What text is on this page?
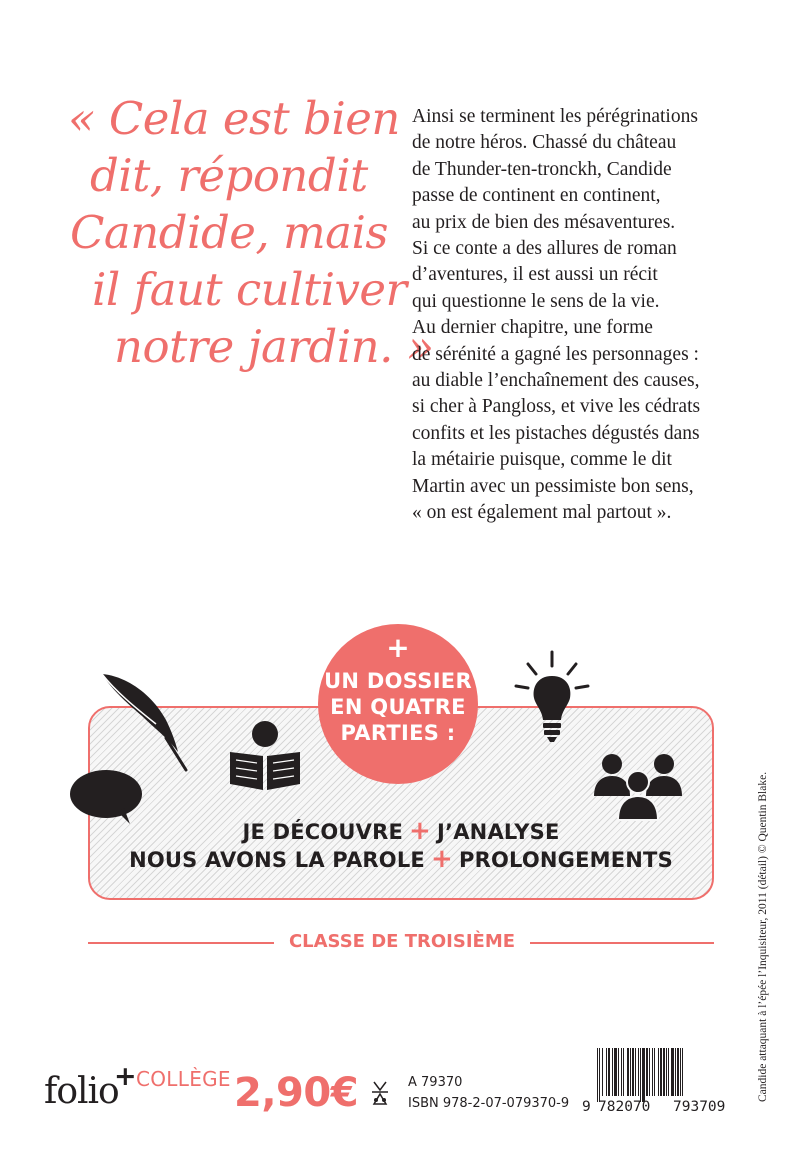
« Cela est bien
dit, répondit
Candide, mais
il faut cultiver
notre jardin. »
Ainsi se terminent les pérégrinations
de notre héros. Chassé du château
de Thunder-ten-tronckh, Candide
passe de continent en continent,
au prix de bien des mésaventures.
Si ce conte a des allures de roman
d’aventures, il est aussi un récit
qui questionne le sens de la vie.
Au dernier chapitre, une forme
de sérénité a gagné les personnages :
au diable l’enchaînement des causes,
si cher à Pangloss, et vive les cédrats
confits et les pistaches dégustés dans
la métairie puisque, comme le dit
Martin avec un pessimiste bon sens,
« on est également mal partout ».
+
UN DOSSIER
EN QUATRE
PARTIES :
JE DÉCOUVRE + J’ANALYSE
NOUS AVONS LA PAROLE + PROLONGEMENTS
CLASSE DE TROISIÈME	Candide attaquant à l’épée l’Inquisiteur, 2011 (détail) © Quentin Blake.
folio
+ COLLÈGE 2,90€	A 79370
ISBN 978-2-07-079370-9 9 782070 793709
